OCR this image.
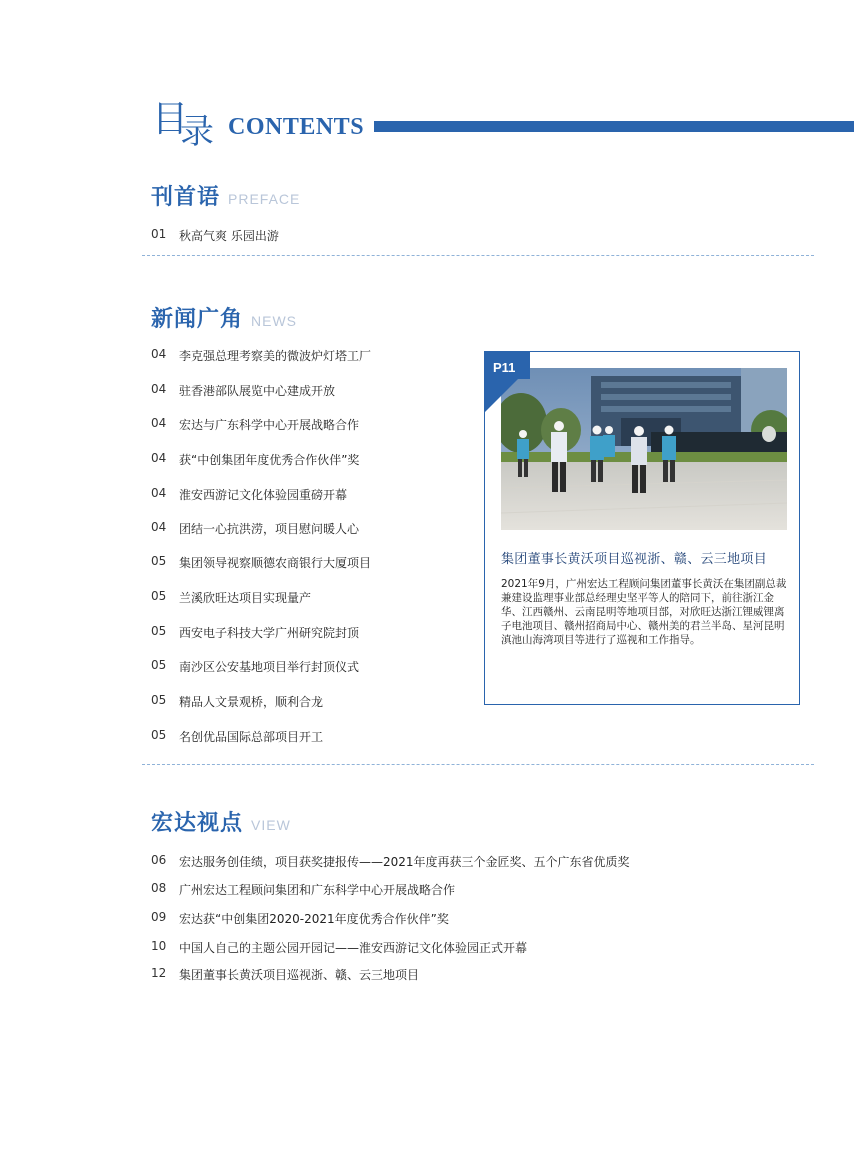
目
录 CONTENTS
刊首语 PREFACE
01	秋高气爽 乐园出游
新闻广角 NEWS
04	李克强总理考察美的微波炉灯塔工厂
04	驻香港部队展览中心建成开放
04	宏达与广东科学中心开展战略合作
04	获“中创集团年度优秀合作伙伴”奖
04	淮安西游记文化体验园重磅开幕
04	团结一心抗洪涝，项目慰问暖人心
05	集团领导视察顺德农商银行大厦项目
05	兰溪欣旺达项目实现量产
05	西安电子科技大学广州研究院封顶
05	南沙区公安基地项目举行封顶仪式
05	精品人文景观桥，顺利合龙
05	名创优品国际总部项目开工
P11
集团董事长黄沃项目巡视浙、赣、云三地项目
2021年9月，广州宏达工程顾问集团董事长黄沃在集团副总裁兼建设监理事业部总经理史坚平等人的陪同下，前往浙江金华、江西赣州、云南昆明等地项目部，对欣旺达浙江锂威锂离子电池项目、赣州招商局中心、赣州美的君兰半岛、星河昆明滇池山海湾项目等进行了巡视和工作指导。
宏达视点 VIEW
06	宏达服务创佳绩，项目获奖捷报传——2021年度再获三个金匠奖、五个广东省优质奖
08	广州宏达工程顾问集团和广东科学中心开展战略合作
09	宏达获“中创集团2020-2021年度优秀合作伙伴”奖
10	中国人自己的主题公园开园记——淮安西游记文化体验园正式开幕
12	集团董事长黄沃项目巡视浙、赣、云三地项目
